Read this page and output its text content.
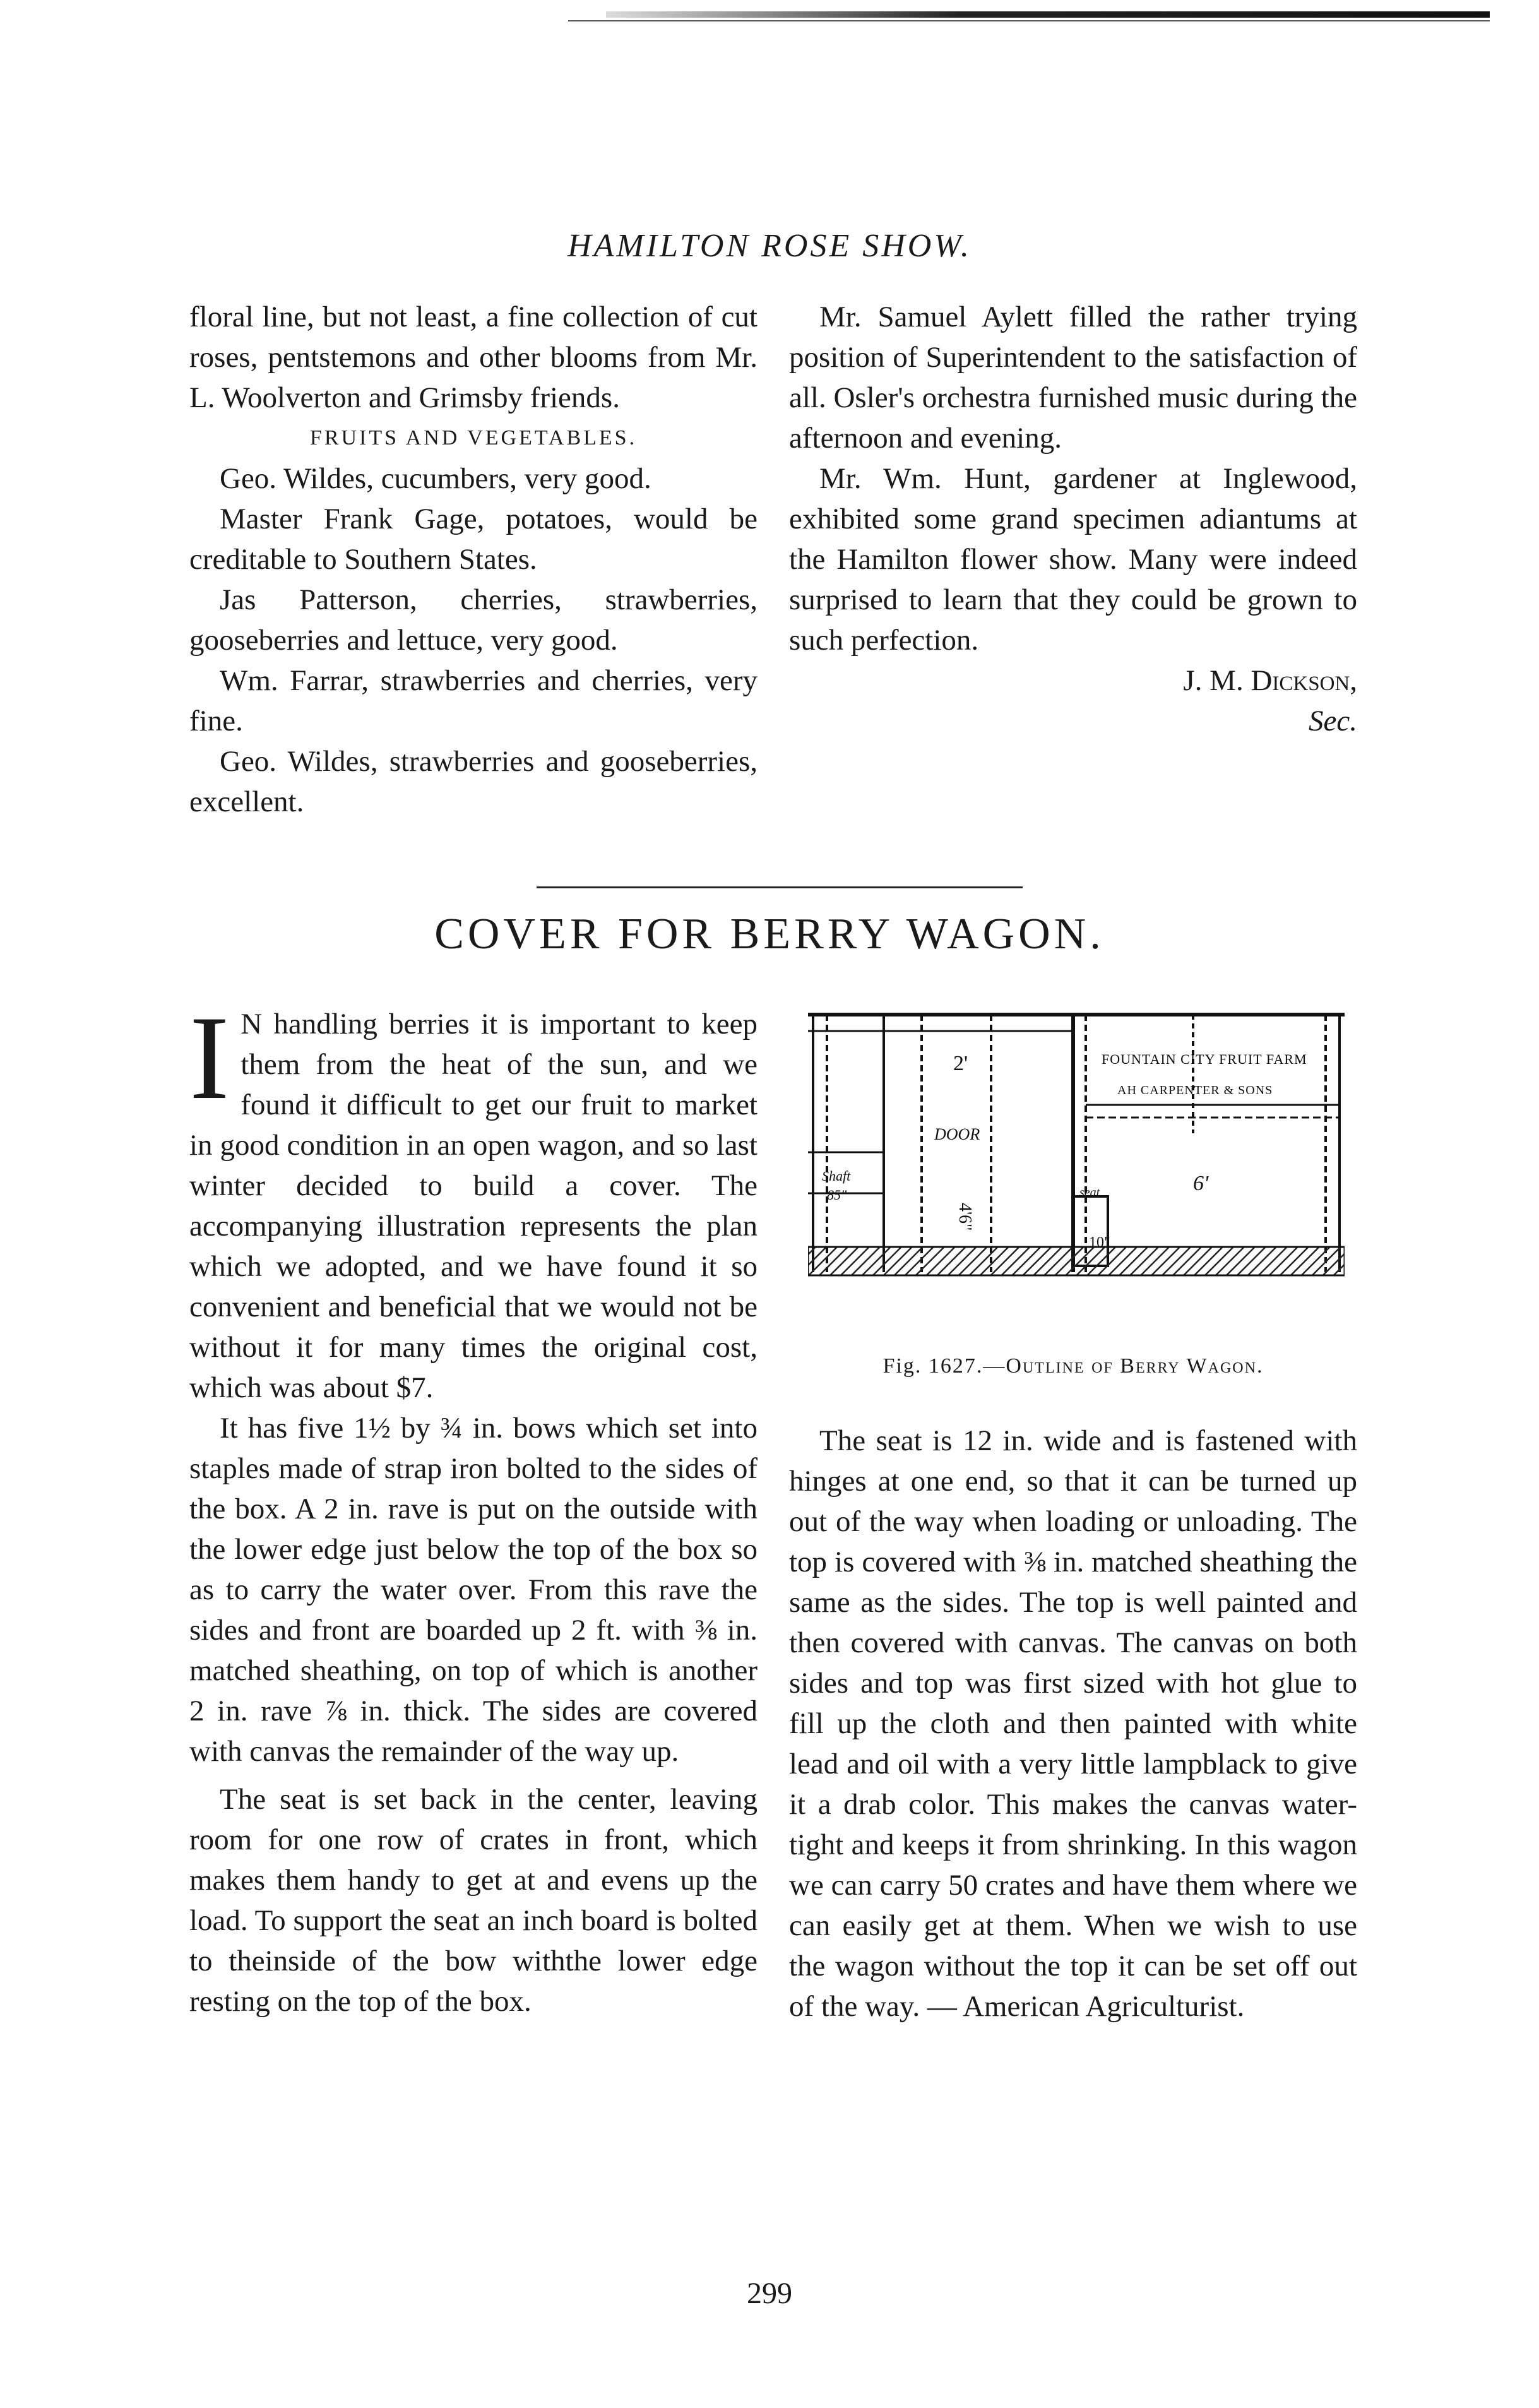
HAMILTON ROSE SHOW.

floral line, but not least, a fine collection of cut roses, pentstemons and other blooms from Mr. L. Woolverton and Grimsby friends.

FRUITS AND VEGETABLES.

Geo. Wildes, cucumbers, very good.

Master Frank Gage, potatoes, would be creditable to Southern States.

Jas Patterson, cherries, strawberries, gooseberries and lettuce, very good.

Wm. Farrar, strawberries and cherries, very fine.

Geo. Wildes, strawberries and gooseberries, excellent.

Mr. Samuel Aylett filled the rather trying position of Superintendent to the satisfaction of all. Osler's orchestra furnished music during the afternoon and evening.

Mr. Wm. Hunt, gardener at Inglewood, exhibited some grand specimen adiantums at the Hamilton flower show. Many were indeed surprised to learn that they could be grown to such perfection.

J. M. Dickson,

Sec.

COVER FOR BERRY WAGON.

I N handling berries it is important to keep them from the heat of the sun, and we found it difficult to get our fruit to market in good condition in an open wagon, and so last winter decided to build a cover. The accompanying illustration represents the plan which we adopted, and we have found it so convenient and beneficial that we would not be without it for many times the original cost, which was about $7.

It has five 1½ by ¾ in. bows which set into staples made of strap iron bolted to the sides of the box. A 2 in. rave is put on the outside with the lower edge just below the top of the box so as to carry the water over. From this rave the sides and front are boarded up 2 ft. with ⅜ in. matched sheathing, on top of which is another 2 in. rave ⅞ in. thick. The sides are covered with canvas the remainder of the way up.

The seat is set back in the center, leaving room for one row of crates in front, which makes them handy to get at and evens up the load. To support the seat an inch board is bolted to theinside of the bow withthe lower edge resting on the top of the box.

2'
DOOR
4'6"
6'
10"
85"
Shaft
seat
FOUNTAIN CITY FRUIT FARM
AH CARPENTER & SONS
Fig. 1627.—Outline of Berry Wagon.

The seat is 12 in. wide and is fastened with hinges at one end, so that it can be turned up out of the way when loading or unloading. The top is covered with ⅜ in. matched sheathing the same as the sides. The top is well painted and then covered with canvas. The canvas on both sides and top was first sized with hot glue to fill up the cloth and then painted with white lead and oil with a very little lampblack to give it a drab color. This makes the canvas water-tight and keeps it from shrinking. In this wagon we can carry 50 crates and have them where we can easily get at them. When we wish to use the wagon without the top it can be set off out of the way. — American Agriculturist.

299
